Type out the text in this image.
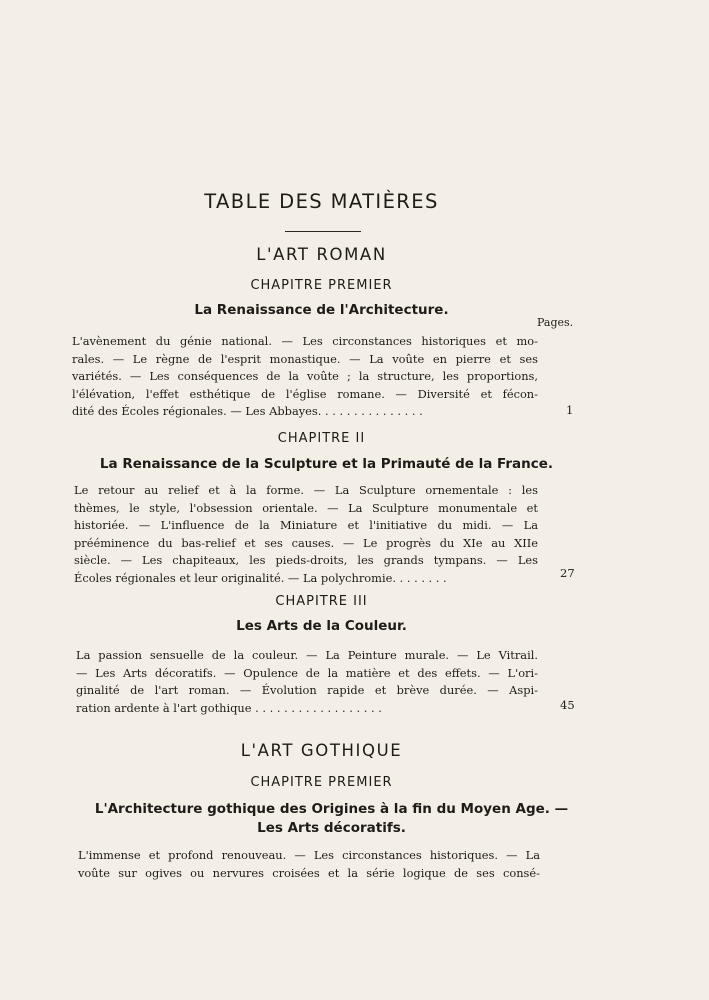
TABLE DES MATIÈRES
L'ART ROMAN
CHAPITRE PREMIER
La Renaissance de l'Architecture.
Pages.
L'avènement du génie national. — Les circonstances historiques et mo-
rales. — Le règne de l'esprit monastique. — La voûte en pierre et ses
variétés. — Les conséquences de la voûte ; la structure, les proportions,
l'élévation, l'effet esthétique de l'église romane. — Diversité et fécon-
dité des Écoles régionales. — Les Abbayes. . . . . . . . . . . . . . .	1
CHAPITRE II
La Renaissance de la Sculpture et la Primauté de la France.
Le retour au relief et à la forme. — La Sculpture ornementale : les
thèmes, le style, l'obsession orientale. — La Sculpture monumentale et
historiée. — L'influence de la Miniature et l'initiative du midi. — La
prééminence du bas-relief et ses causes. — Le progrès du XIe au XIIe
siècle. — Les chapiteaux, les pieds-droits, les grands tympans. — Les
Écoles régionales et leur originalité. — La polychromie. . . . . . . .	27
CHAPITRE III
Les Arts de la Couleur.
La passion sensuelle de la couleur. — La Peinture murale. — Le Vitrail.
— Les Arts décoratifs. — Opulence de la matière et des effets. — L'ori-
ginalité de l'art roman. — Évolution rapide et brève durée. — Aspi-
ration ardente à l'art gothique . . . . . . . . . . . . . . . . . .	45
L'ART GOTHIQUE
CHAPITRE PREMIER
L'Architecture gothique des Origines à la fin du Moyen Age. —
Les Arts décoratifs.
L'immense et profond renouveau. — Les circonstances historiques. — La
voûte sur ogives ou nervures croisées et la série logique de ses consé-
